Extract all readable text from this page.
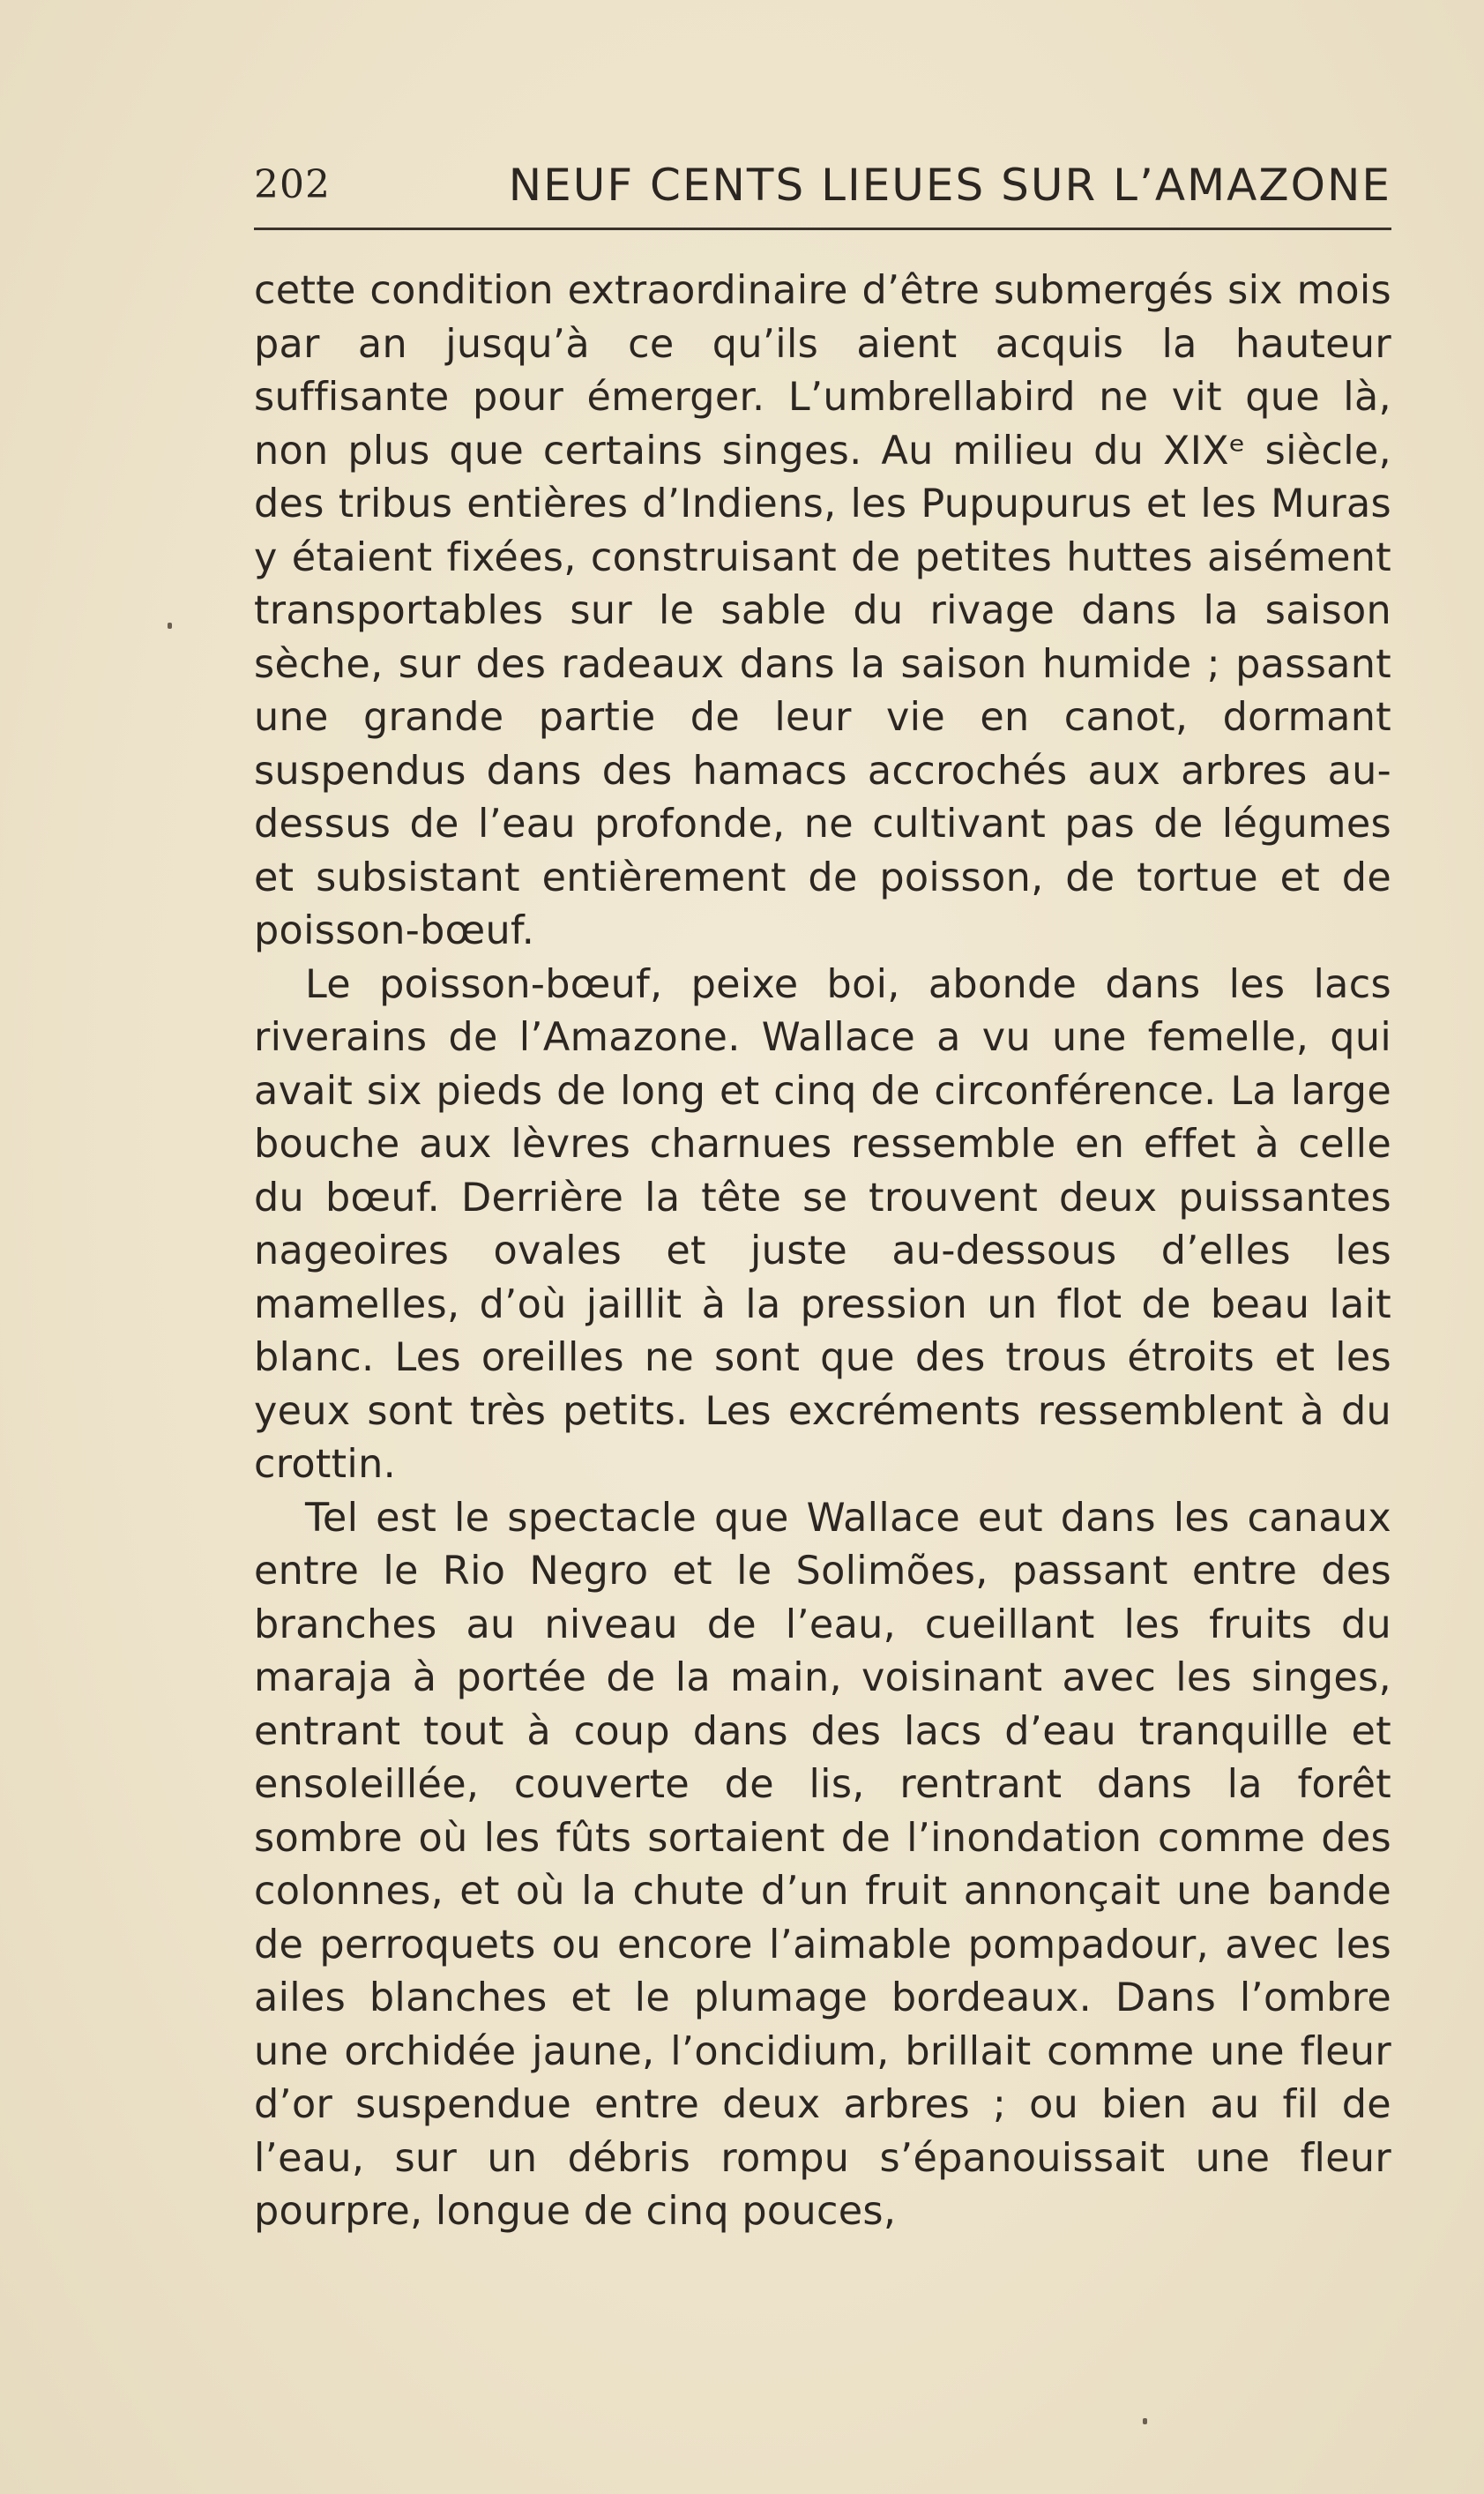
202	NEUF CENTS LIEUES SUR L’AMAZONE

cette condition extraordinaire d’être submergés six mois par an jusqu’à ce qu’ils aient acquis la hauteur suffisante pour émerger. L’umbrellabird ne vit que là, non plus que certains singes. Au milieu du XIXᵉ siècle, des tribus entières d’Indiens, les Pupupurus et les Muras y étaient fixées, construisant de petites huttes aisément transportables sur le sable du rivage dans la saison sèche, sur des radeaux dans la saison humide ; passant une grande partie de leur vie en canot, dormant suspendus dans des hamacs accrochés aux arbres au-dessus de l’eau profonde, ne cultivant pas de légumes et subsistant entièrement de poisson, de tortue et de poisson-bœuf.

Le poisson-bœuf, peixe boi, abonde dans les lacs riverains de l’Amazone. Wallace a vu une femelle, qui avait six pieds de long et cinq de circonférence. La large bouche aux lèvres charnues ressemble en effet à celle du bœuf. Derrière la tête se trouvent deux puissantes nageoires ovales et juste au-dessous d’elles les mamelles, d’où jaillit à la pression un flot de beau lait blanc. Les oreilles ne sont que des trous étroits et les yeux sont très petits. Les excréments ressemblent à du crottin.

Tel est le spectacle que Wallace eut dans les canaux entre le Rio Negro et le Solimões, passant entre des branches au niveau de l’eau, cueillant les fruits du maraja à portée de la main, voisinant avec les singes, entrant tout à coup dans des lacs d’eau tranquille et ensoleillée, couverte de lis, rentrant dans la forêt sombre où les fûts sortaient de l’inondation comme des colonnes, et où la chute d’un fruit annonçait une bande de perroquets ou encore l’aimable pompadour, avec les ailes blanches et le plumage bordeaux. Dans l’ombre une orchidée jaune, l’oncidium, brillait comme une fleur d’or suspendue entre deux arbres ; ou bien au fil de l’eau, sur un débris rompu s’épanouissait une fleur pourpre, longue de cinq pouces,
